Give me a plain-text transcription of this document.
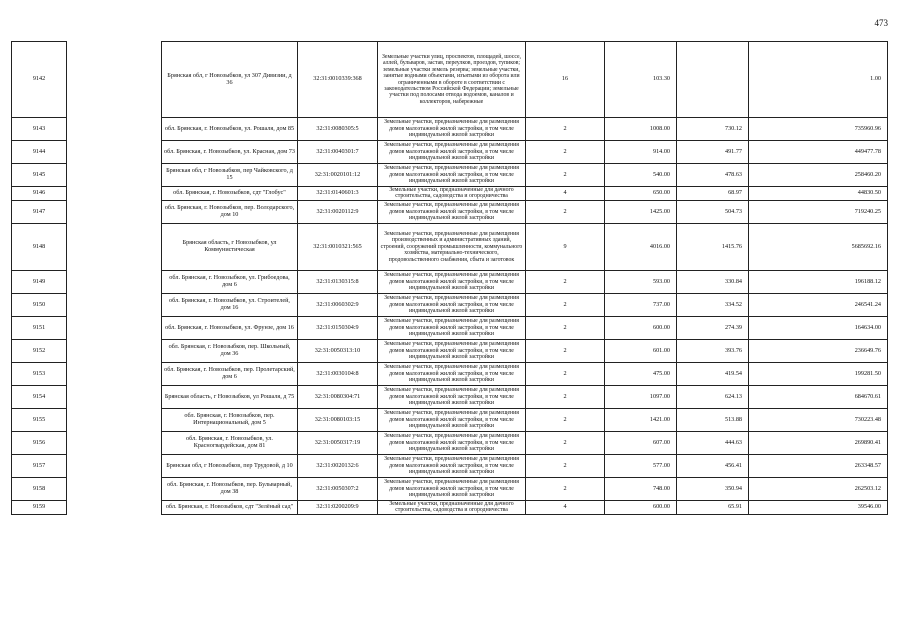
473
9142		Брянская обл, г Новозыбков, ул 307 Дивизии, д 36	32:31:0010339:368	Земельные участки улиц, проспектов, площадей, шоссе, аллей, бульваров, застав, переулков, проездов, тупиков; земельные участки земель резерва; земельные участки, занятые водными объектами, изъятыми из оборота или ограниченными в обороте в соответствии с законодательством Российской Федерации; земельные участки под полосами отвода водоемов, каналов и коллекторов, набережные	16	103.30		1.00
9143		обл. Брянская, г. Новозыбков, ул. Рошаля, дом 85	32:31:0080305:5	Земельные участки, предназначенные для размещения домов малоэтажной жилой застройки, в том числе индивидуальной жилой застройки	2	1008.00	730.12	735960.96
9144		обл. Брянская, г. Новозыбков, ул. Красная, дом 73	32:31:0040301:7	Земельные участки, предназначенные для размещения домов малоэтажной жилой застройки, в том числе индивидуальной жилой застройки	2	914.00	491.77	449477.78
9145		Брянская обл, г Новозыбков, пер Чайковского, д 15	32:31:0020101:12	Земельные участки, предназначенные для размещения домов малоэтажной жилой застройки, в том числе индивидуальной жилой застройки	2	540.00	478.63	258460.20
9146		обл. Брянская, г. Новозыбков, сдт "Глобус"	32:31:0140601:3	Земельные участки, предназначенные для дачного строительства, садоводства и огородничества	4	650.00	68.97	44830.50
9147		обл. Брянская, г. Новозыбков, пер. Володарского, дом 10	32:31:0020112:9	Земельные участки, предназначенные для размещения домов малоэтажной жилой застройки, в том числе индивидуальной жилой застройки	2	1425.00	504.73	719240.25
9148		Брянская область, г Новозыбков, ул Коммунистическая	32:31:0010321:565	Земельные участки, предназначенные для размещения производственных и административных зданий, строений, сооружений промышленности, коммунального хозяйства, материально-технического, продовольственного снабжения, сбыта и заготовок	9	4016.00	1415.76	5685692.16
9149		обл. Брянская, г. Новозыбков, ул. Грибоедова, дом 6	32:31:0130315:8	Земельные участки, предназначенные для размещения домов малоэтажной жилой застройки, в том числе индивидуальной жилой застройки	2	593.00	330.84	196188.12
9150		обл. Брянская, г. Новозыбков, ул. Строителей, дом 16	32:31:0060302:9	Земельные участки, предназначенные для размещения домов малоэтажной жилой застройки, в том числе индивидуальной жилой застройки	2	737.00	334.52	246541.24
9151		обл. Брянская, г. Новозыбков, ул. Фрунзе, дом 16	32:31:0150304:9	Земельные участки, предназначенные для размещения домов малоэтажной жилой застройки, в том числе индивидуальной жилой застройки	2	600.00	274.39	164634.00
9152		обл. Брянская, г. Новозыбков, пер. Школьный, дом 36	32:31:0050313:10	Земельные участки, предназначенные для размещения домов малоэтажной жилой застройки, в том числе индивидуальной жилой застройки	2	601.00	393.76	236649.76
9153		обл. Брянская, г. Новозыбков, пер. Пролетарский, дом 6	32:31:0030104:8	Земельные участки, предназначенные для размещения домов малоэтажной жилой застройки, в том числе индивидуальной жилой застройки	2	475.00	419.54	199281.50
9154		Брянская область, г Новозыбков, ул Рошаля, д 75	32:31:0080304:71	Земельные участки, предназначенные для размещения домов малоэтажной жилой застройки, в том числе индивидуальной жилой застройки	2	1097.00	624.13	684670.61
9155		обл. Брянская, г. Новозыбков, пер. Интернациональный, дом 5	32:31:0080103:15	Земельные участки, предназначенные для размещения домов малоэтажной жилой застройки, в том числе индивидуальной жилой застройки	2	1421.00	513.88	730223.48
9156		обл. Брянская, г. Новозыбков, ул. Красногвардейская, дом 81	32:31:0050317:19	Земельные участки, предназначенные для размещения домов малоэтажной жилой застройки, в том числе индивидуальной жилой застройки	2	607.00	444.63	269890.41
9157		Брянская обл, г Новозыбков, пер Трудовой, д 10	32:31:0020132:6	Земельные участки, предназначенные для размещения домов малоэтажной жилой застройки, в том числе индивидуальной жилой застройки	2	577.00	456.41	263348.57
9158		обл. Брянская, г. Новозыбков, пер. Бульварный, дом 38	32:31:0050307:2	Земельные участки, предназначенные для размещения домов малоэтажной жилой застройки, в том числе индивидуальной жилой застройки	2	748.00	350.94	262503.12
9159		обл. Брянская, г. Новозыбков, сдт "Зелёный сад"	32:31:0200209:9	Земельные участки, предназначенные для дачного строительства, садоводства и огородничества	4	600.00	65.91	39546.00
